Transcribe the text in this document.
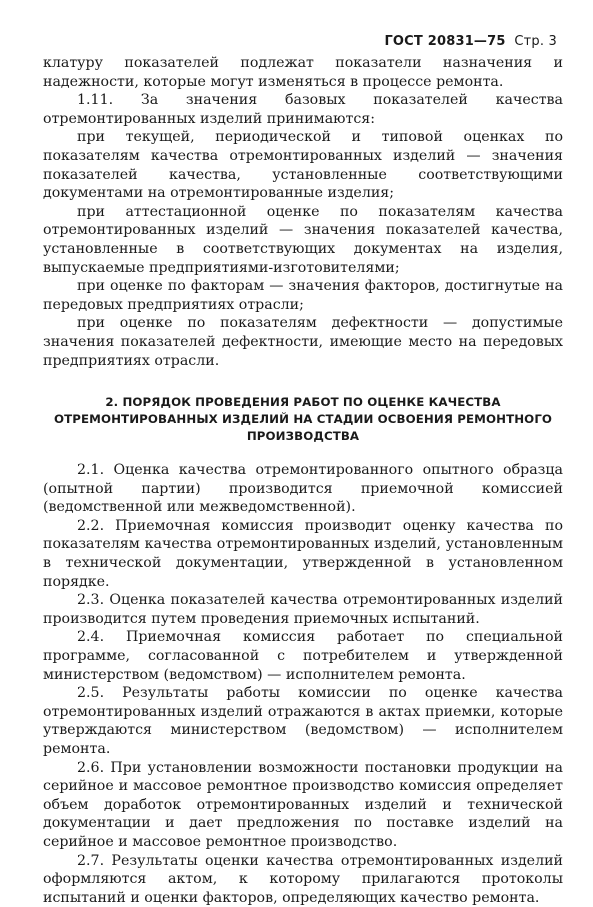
ГОСТ 20831—75 Стр. 3

клатуру показателей подлежат показатели назначения и надежности, которые могут изменяться в процессе ремонта.

1.11. За значения базовых показателей качества отремонтированных изделий принимаются:

при текущей, периодической и типовой оценках по показателям качества отремонтированных изделий — значения показателей качества, установленные соответствующими документами на отремонтированные изделия;

при аттестационной оценке по показателям качества отремонтированных изделий — значения показателей качества, установленные в соответствующих документах на изделия, выпускаемые предприятиями-изготовителями;

при оценке по факторам — значения факторов, достигнутые на передовых предприятиях отрасли;

при оценке по показателям дефектности — допустимые значения показателей дефектности, имеющие место на передовых предприятиях отрасли.

2. ПОРЯДОК ПРОВЕДЕНИЯ РАБОТ ПО ОЦЕНКЕ КАЧЕСТВА ОТРЕМОНТИРОВАННЫХ ИЗДЕЛИЙ НА СТАДИИ ОСВОЕНИЯ РЕМОНТНОГО ПРОИЗВОДСТВА

2.1. Оценка качества отремонтированного опытного образца (опытной партии) производится приемочной комиссией (ведомственной или межведомственной).

2.2. Приемочная комиссия производит оценку качества по показателям качества отремонтированных изделий, установленным в технической документации, утвержденной в установленном порядке.

2.3. Оценка показателей качества отремонтированных изделий производится путем проведения приемочных испытаний.

2.4. Приемочная комиссия работает по специальной программе, согласованной с потребителем и утвержденной министерством (ведомством) — исполнителем ремонта.

2.5. Результаты работы комиссии по оценке качества отремонтированных изделий отражаются в актах приемки, которые утверждаются министерством (ведомством) — исполнителем ремонта.

2.6. При установлении возможности постановки продукции на серийное и массовое ремонтное производство комиссия определяет объем доработок отремонтированных изделий и технической документации и дает предложения по поставке изделий на серийное и массовое ремонтное производство.

2.7. Результаты оценки качества отремонтированных изделий оформляются актом, к которому прилагаются протоколы испытаний и оценки факторов, определяющих качество ремонта.
